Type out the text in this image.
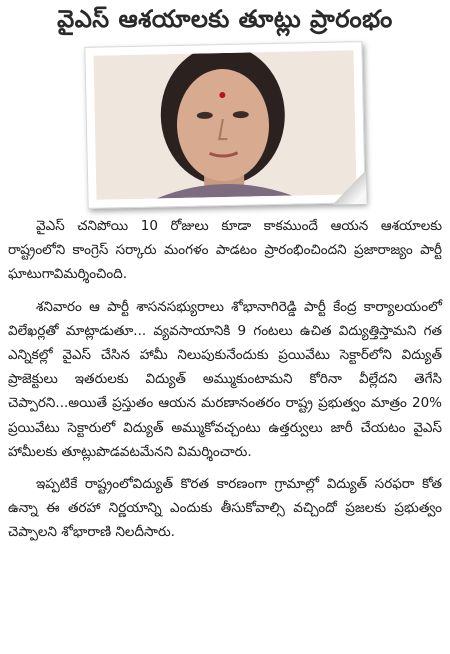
వైఎస్ ఆశయాలకు తూట్లు ప్రారంభం

వైఎస్ చనిపోయి 10 రోజులు కూడా కాకముందే ఆయన ఆశయాలకు రాష్ట్రంలోని కాంగ్రెస్ సర్కారు మంగళం పాడటం ప్రారంభించిందని ప్రజారాజ్యం పార్టీ ఘాటుగావిమర్శించింది.

శనివారం ఆ పార్టీ శాసనసభ్యురాలు శోభానాగిరెడ్డి పార్టీ కేంద్ర కార్యాలయంలో విలేఖర్లతో మాట్లాడుతూ... వ్యవసాయానికి 9 గంటలు ఉచిత విద్యుత్తిస్తామని గత ఎన్నికల్లో వైఎస్ చేసిన హామీ నిలుపుకునేందుకు ప్రయివేటు సెక్టార్‌లోని విద్యుత్ ప్రాజెక్టులు ఇతరులకు విద్యుత్ అమ్ముకుంటామని కోరినా వీల్లేదని తెగేసి చెప్పారని...అయితే ప్రస్తుతం ఆయన మరణానంతరం రాష్ట్ర ప్రభుత్వం మాత్రం 20% ప్రయివేటు సెక్టారులో విద్యుత్ అమ్ముకోవచ్చంటు ఉత్తర్వులు జారీ చేయటం వైఎస్ హామీలకు తూట్లుపొడవటమేనని విమర్శించారు.

ఇప్పటికే రాష్ట్రంలోవిద్యుత్ కొరత కారణంగా గ్రామాల్లో విద్యుత్ సరఫరా కోత ఉన్నా ఈ తరహా నిర్ణయాన్ని ఎందుకు తీసుకోవాల్సి వచ్చిందో ప్రజలకు ప్రభుత్వం చెప్పాలని శోభారాణి నిలదీసారు.
